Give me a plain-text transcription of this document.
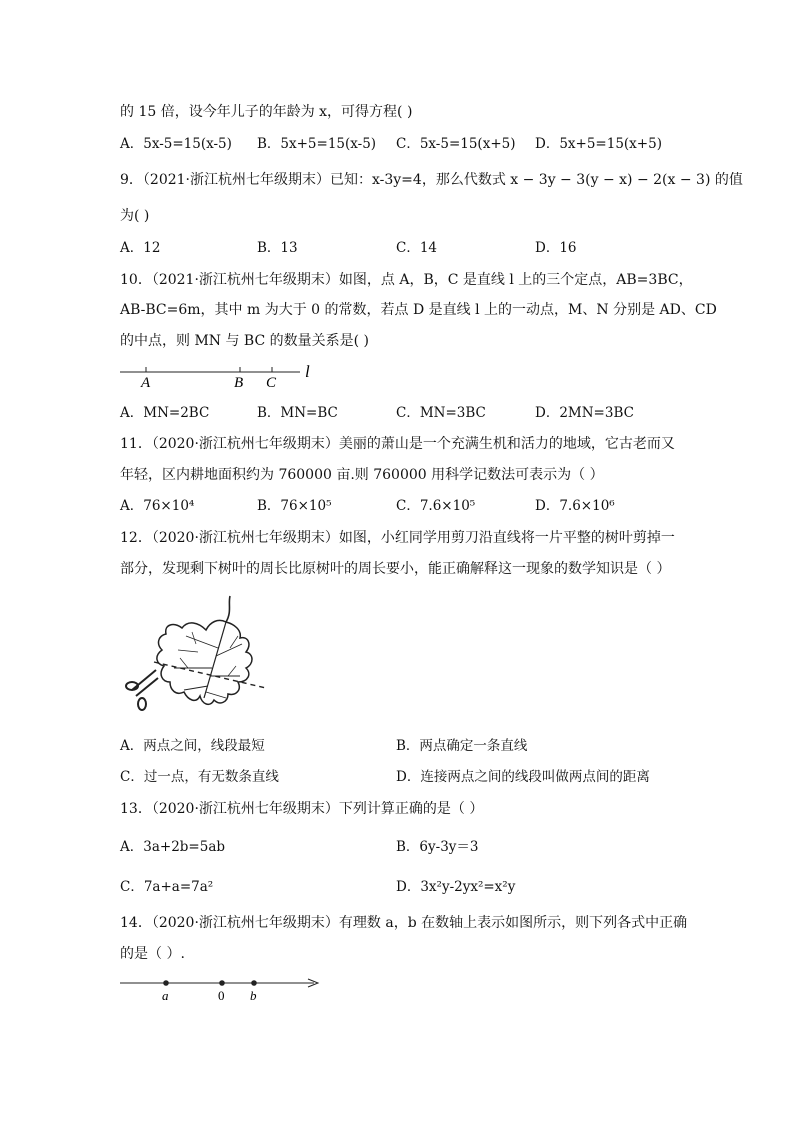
的 15 倍，设今年儿子的年龄为 x，可得方程( )
A．5x-5=15(x-5) B．5x+5=15(x-5) C．5x-5=15(x+5) D．5x+5=15(x+5)
9．（2021·浙江杭州七年级期末）已知：x-3y=4，那么代数式 x − 3y − 3(y − x) − 2(x − 3) 的值
为( )
A．12	B．13	C．14	D．16
10．（2021·浙江杭州七年级期末）如图，点 A，B，C 是直线 l 上的三个定点，AB=3BC，
AB-BC=6m，其中 m 为大于 0 的常数，若点 D 是直线 l 上的一动点，M、N 分别是 AD、CD
的中点，则 MN 与 BC 的数量关系是( )
A	B C
l
A．MN=2BC	B．MN=BC	C．MN=3BC	D．2MN=3BC
11．（2020·浙江杭州七年级期末）美丽的萧山是一个充满生机和活力的地域，它古老而又
年轻，区内耕地面积约为 760000 亩.则 760000 用科学记数法可表示为（ ）
A．76×10⁴	B．76×10⁵	C．7.6×10⁵	D．7.6×10⁶
12．（2020·浙江杭州七年级期末）如图，小红同学用剪刀沿直线将一片平整的树叶剪掉一
部分，发现剩下树叶的周长比原树叶的周长要小，能正确解释这一现象的数学知识是（ ）
A．两点之间，线段最短	B．两点确定一条直线
C．过一点，有无数条直线	D．连接两点之间的线段叫做两点间的距离
13．（2020·浙江杭州七年级期末）下列计算正确的是（ ）
A．3a+2b=5ab	B．6y-3y＝3
C．7a+a=7a²	D．3x²y-2yx²=x²y
14．（2020·浙江杭州七年级期末）有理数 a，b 在数轴上表示如图所示，则下列各式中正确
的是（ ）.
a	0 b
